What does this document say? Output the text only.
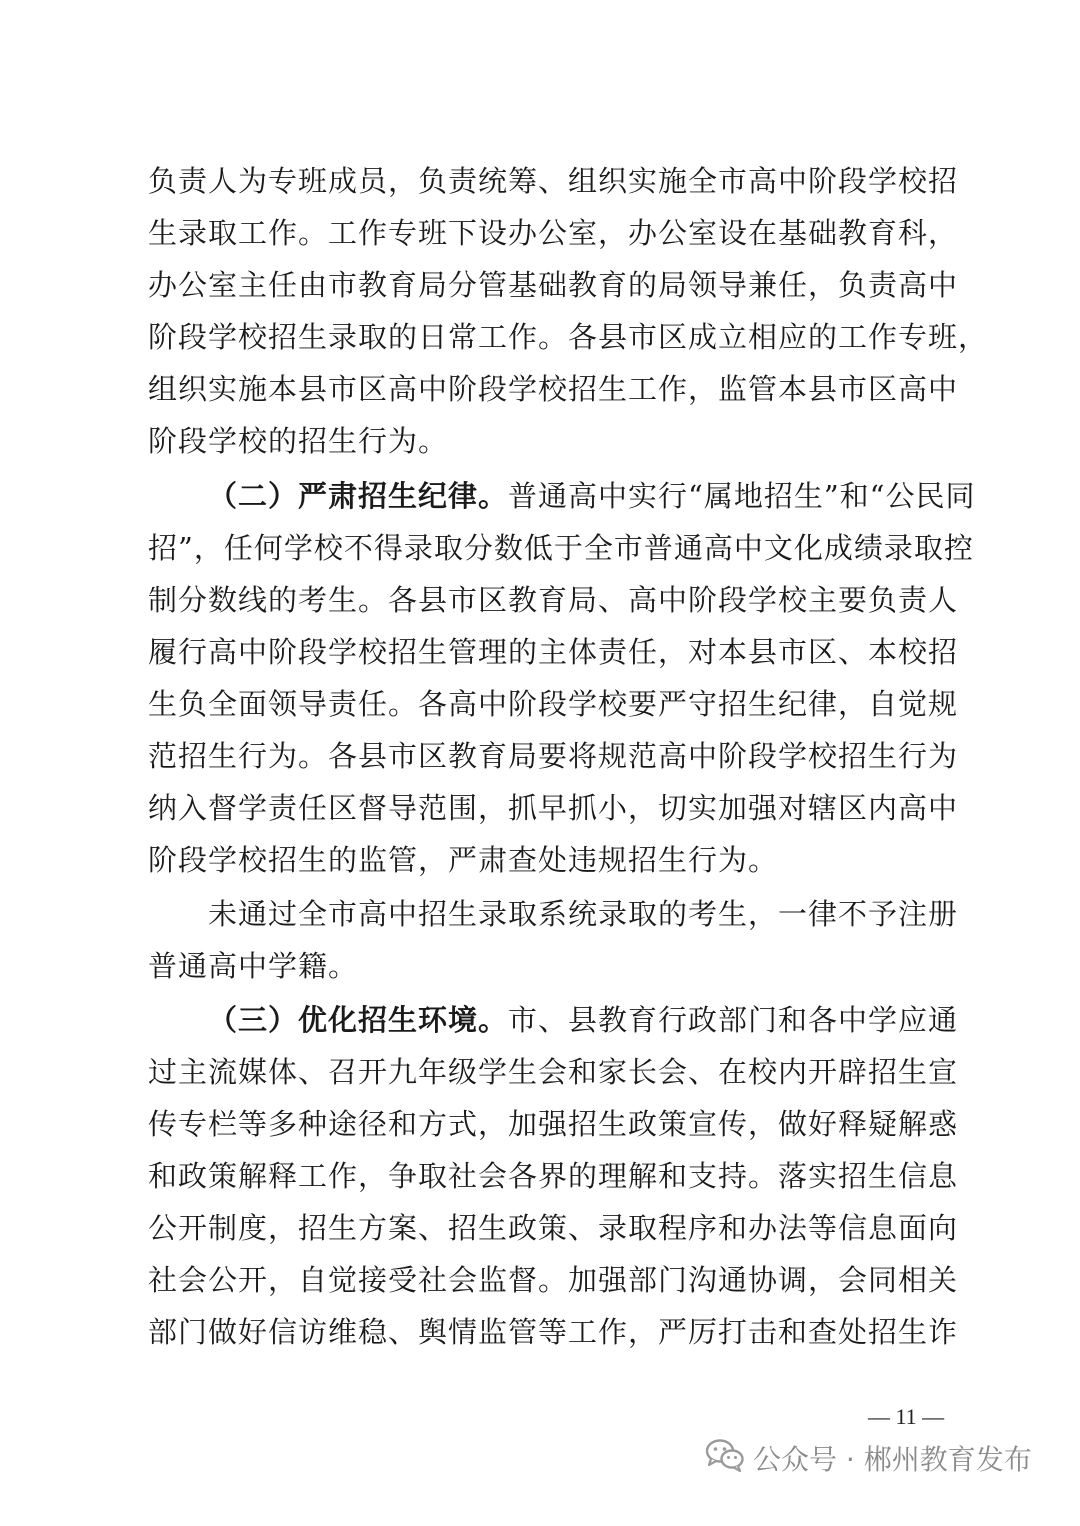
负责人为专班成员，负责统筹、组织实施全市高中阶段学校招
生录取工作。工作专班下设办公室，办公室设在基础教育科，
办公室主任由市教育局分管基础教育的局领导兼任，负责高中
阶段学校招生录取的日常工作。各县市区成立相应的工作专班，
组织实施本县市区高中阶段学校招生工作，监管本县市区高中
阶段学校的招生行为。
（二）严肃招生纪律。普通高中实行“属地招生”和“公民同
招”，任何学校不得录取分数低于全市普通高中文化成绩录取控
制分数线的考生。各县市区教育局、高中阶段学校主要负责人
履行高中阶段学校招生管理的主体责任，对本县市区、本校招
生负全面领导责任。各高中阶段学校要严守招生纪律，自觉规
范招生行为。各县市区教育局要将规范高中阶段学校招生行为
纳入督学责任区督导范围，抓早抓小，切实加强对辖区内高中
阶段学校招生的监管，严肃查处违规招生行为。
未通过全市高中招生录取系统录取的考生，一律不予注册
普通高中学籍。
（三）优化招生环境。市、县教育行政部门和各中学应通
过主流媒体、召开九年级学生会和家长会、在校内开辟招生宣
传专栏等多种途径和方式，加强招生政策宣传，做好释疑解惑
和政策解释工作，争取社会各界的理解和支持。落实招生信息
公开制度，招生方案、招生政策、录取程序和办法等信息面向
社会公开，自觉接受社会监督。加强部门沟通协调，会同相关
部门做好信访维稳、舆情监管等工作，严厉打击和查处招生诈
— 11 —
公众号 · 郴州教育发布
